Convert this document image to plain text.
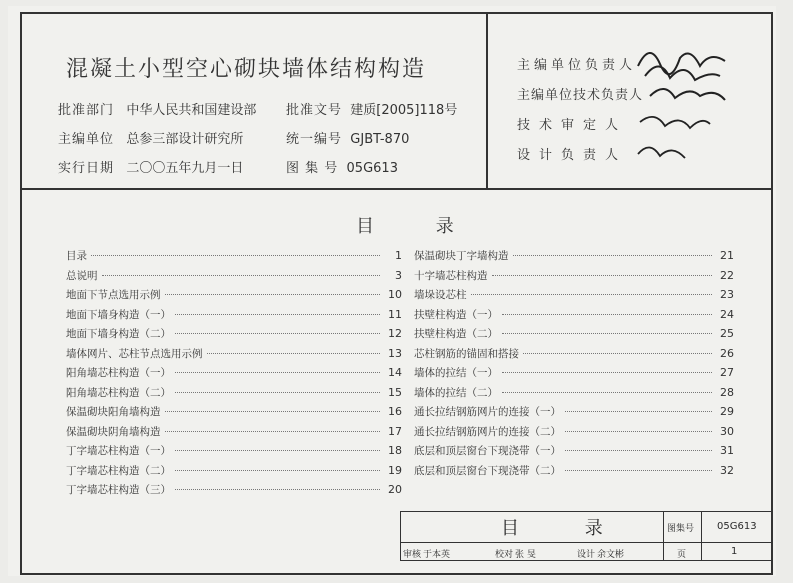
混凝土小型空心砌块墙体结构构造
批准部门 中华人民共和国建设部 批准文号 建质[2005]118号
主编单位 总参三部设计研究所	统一编号 GJBT-870
实行日期 二〇〇五年九月一日	图 集 号 05G613
主编单位负责人
主编单位技术负责人
技术审定人
设计负责人
目 录
目录	1
总说明	3
地面下节点选用示例	10
地面下墙身构造（一）	11
地面下墙身构造（二）	12
墙体网片、芯柱节点选用示例	13
阳角墙芯柱构造（一）	14
阳角墙芯柱构造（二）	15
保温砌块阳角墙构造	16
保温砌块阴角墙构造	17
丁字墙芯柱构造（一）	18
丁字墙芯柱构造（二）	19
丁字墙芯柱构造（三）	20
保温砌块丁字墙构造	21
十字墙芯柱构造	22
墙垛设芯柱	23
扶壁柱构造（一）	24
扶壁柱构造（二）	25
芯柱钢筋的锚固和搭接	26
墙体的拉结（一）	27
墙体的拉结（二）	28
通长拉结钢筋网片的连接（一）	29
通长拉结钢筋网片的连接（二）	30
底层和顶层窗台下现浇带（一）	31
底层和顶层窗台下现浇带（二）	32
目 录	图集号 05G613
审核 于本英	校对 张 旻	设计 余文彬	页	1
